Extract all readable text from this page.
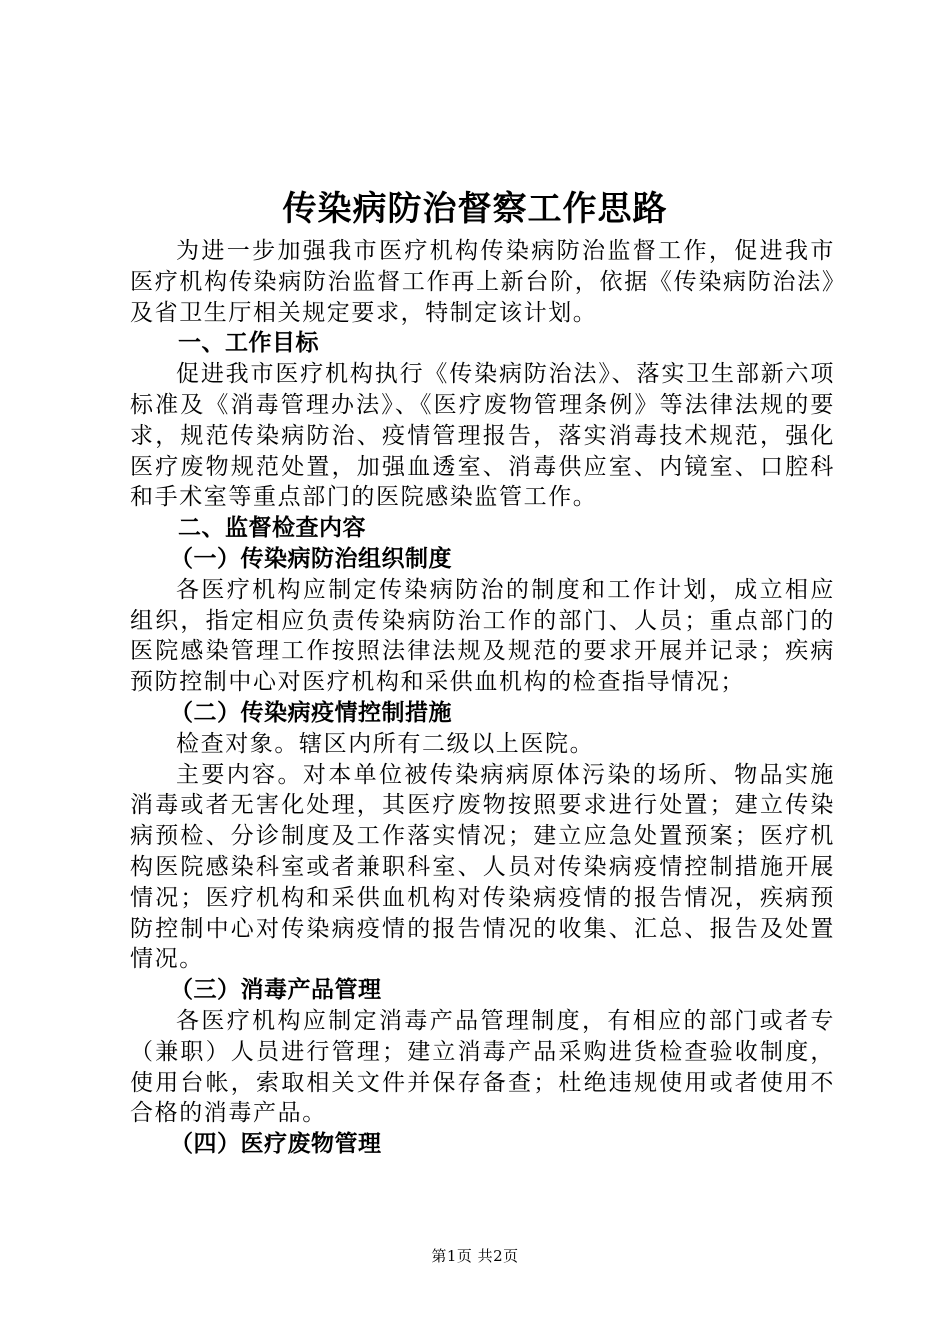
传染病防治督察工作思路

为进一步加强我市医疗机构传染病防治监督工作，促进我市医疗机构传染病防治监督工作再上新台阶，依据《传染病防治法》及省卫生厅相关规定要求，特制定该计划。

一、工作目标

促进我市医疗机构执行《传染病防治法》、落实卫生部新六项标准及《消毒管理办法》、《医疗废物管理条例》等法律法规的要求，规范传染病防治、疫情管理报告，落实消毒技术规范，强化医疗废物规范处置，加强血透室、消毒供应室、内镜室、口腔科和手术室等重点部门的医院感染监管工作。

二、监督检查内容

（一）传染病防治组织制度

各医疗机构应制定传染病防治的制度和工作计划，成立相应组织，指定相应负责传染病防治工作的部门、人员；重点部门的医院感染管理工作按照法律法规及规范的要求开展并记录；疾病预防控制中心对医疗机构和采供血机构的检查指导情况；

（二）传染病疫情控制措施

检查对象。辖区内所有二级以上医院。

主要内容。对本单位被传染病病原体污染的场所、物品实施消毒或者无害化处理，其医疗废物按照要求进行处置；建立传染病预检、分诊制度及工作落实情况；建立应急处置预案；医疗机构医院感染科室或者兼职科室、人员对传染病疫情控制措施开展情况；医疗机构和采供血机构对传染病疫情的报告情况，疾病预防控制中心对传染病疫情的报告情况的收集、汇总、报告及处置情况。

（三）消毒产品管理

各医疗机构应制定消毒产品管理制度，有相应的部门或者专（兼职）人员进行管理；建立消毒产品采购进货检查验收制度，使用台帐，索取相关文件并保存备查；杜绝违规使用或者使用不合格的消毒产品。

（四）医疗废物管理

第1页 共2页
